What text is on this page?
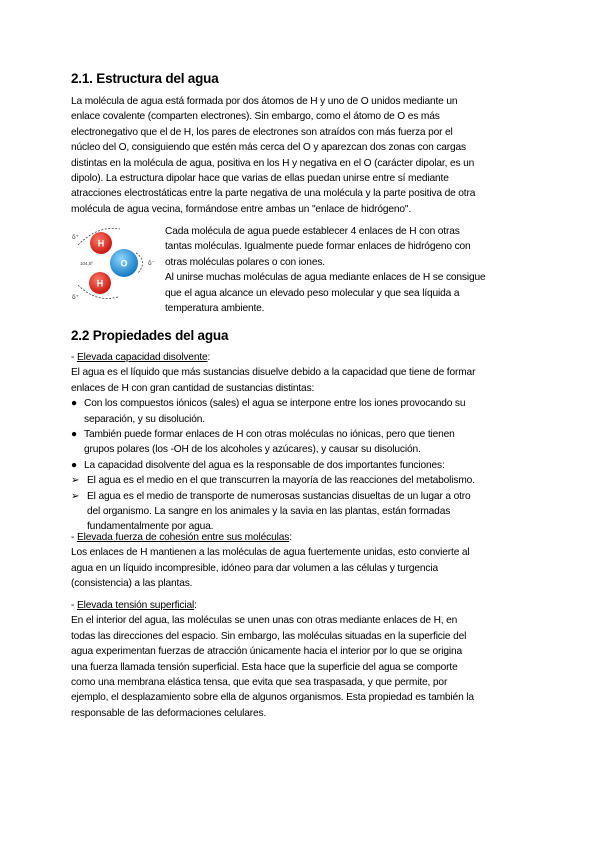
2.1. Estructura del agua

La molécula de agua está formada por dos átomos de H y uno de O unidos mediante un

enlace covalente (comparten electrones). Sin embargo, como el átomo de O es más

electronegativo que el de H, los pares de electrones son atraídos con más fuerza por el

núcleo del O, consiguiendo que estén más cerca del O y aparezcan dos zonas con cargas

distintas en la molécula de agua, positiva en los H y negativa en el O (carácter dipolar, es un

dipolo). La estructura dipolar hace que varias de ellas puedan unirse entre sí mediante

atracciones electrostáticas entre la parte negativa de una molécula y la parte positiva de otra

molécula de agua vecina, formándose entre ambas un "enlace de hidrógeno".

H
H
O
104,5º
δ⁺
δ⁺
δ⁻

Cada molécula de agua puede establecer 4 enlaces de H con otras

tantas moléculas. Igualmente puede formar enlaces de hidrógeno con

otras moléculas polares o con iones.

Al unirse muchas moléculas de agua mediante enlaces de H se consigue

que el agua alcance un elevado peso molecular y que sea líquida a

temperatura ambiente.

2.2 Propiedades del agua

- Elevada capacidad disolvente:

El agua es el líquido que más sustancias disuelve debido a la capacidad que tiene de formar

enlaces de H con gran cantidad de sustancias distintas:

● Con los compuestos iónicos (sales) el agua se interpone entre los iones provocando su

separación, y su disolución.

● También puede formar enlaces de H con otras moléculas no iónicas, pero que tienen

grupos polares (los -OH de los alcoholes y azúcares), y causar su disolución.

● La capacidad disolvente del agua es la responsable de dos importantes funciones:

➢ El agua es el medio en el que transcurren la mayoría de las reacciones del metabolismo.

➢ El agua es el medio de transporte de numerosas sustancias disueltas de un lugar a otro

del organismo. La sangre en los animales y la savia en las plantas, están formadas

fundamentalmente por agua.

- Elevada fuerza de cohesión entre sus moléculas:

Los enlaces de H mantienen a las moléculas de agua fuertemente unidas, esto convierte al

agua en un líquido incompresible, idóneo para dar volumen a las células y turgencia

(consistencia) a las plantas.

- Elevada tensión superficial:

En el interior del agua, las moléculas se unen unas con otras mediante enlaces de H, en

todas las direcciones del espacio. Sin embargo, las moléculas situadas en la superficie del

agua experimentan fuerzas de atracción únicamente hacia el interior por lo que se origina

una fuerza llamada tensión superficial. Esta hace que la superficie del agua se comporte

como una membrana elástica tensa, que evita que sea traspasada, y que permite, por

ejemplo, el desplazamiento sobre ella de algunos organismos. Esta propiedad es también la

responsable de las deformaciones celulares.
